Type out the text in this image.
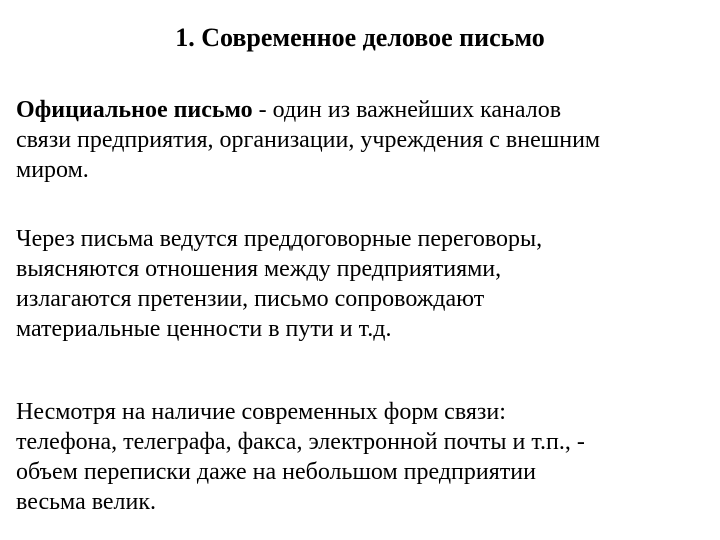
1. Современное деловое письмо
Официальное письмо - один из важнейших каналов
связи предприятия, организации, учреждения с внешним
миром.
Через письма ведутся преддоговорные переговоры,
выясняются отношения между предприятиями,
излагаются претензии, письмо сопровождают
материальные ценности в пути и т.д.
Несмотря на наличие современных форм связи:
телефона, телеграфа, факса, электронной почты и т.п., -
объем переписки даже на небольшом предприятии
весьма велик.
